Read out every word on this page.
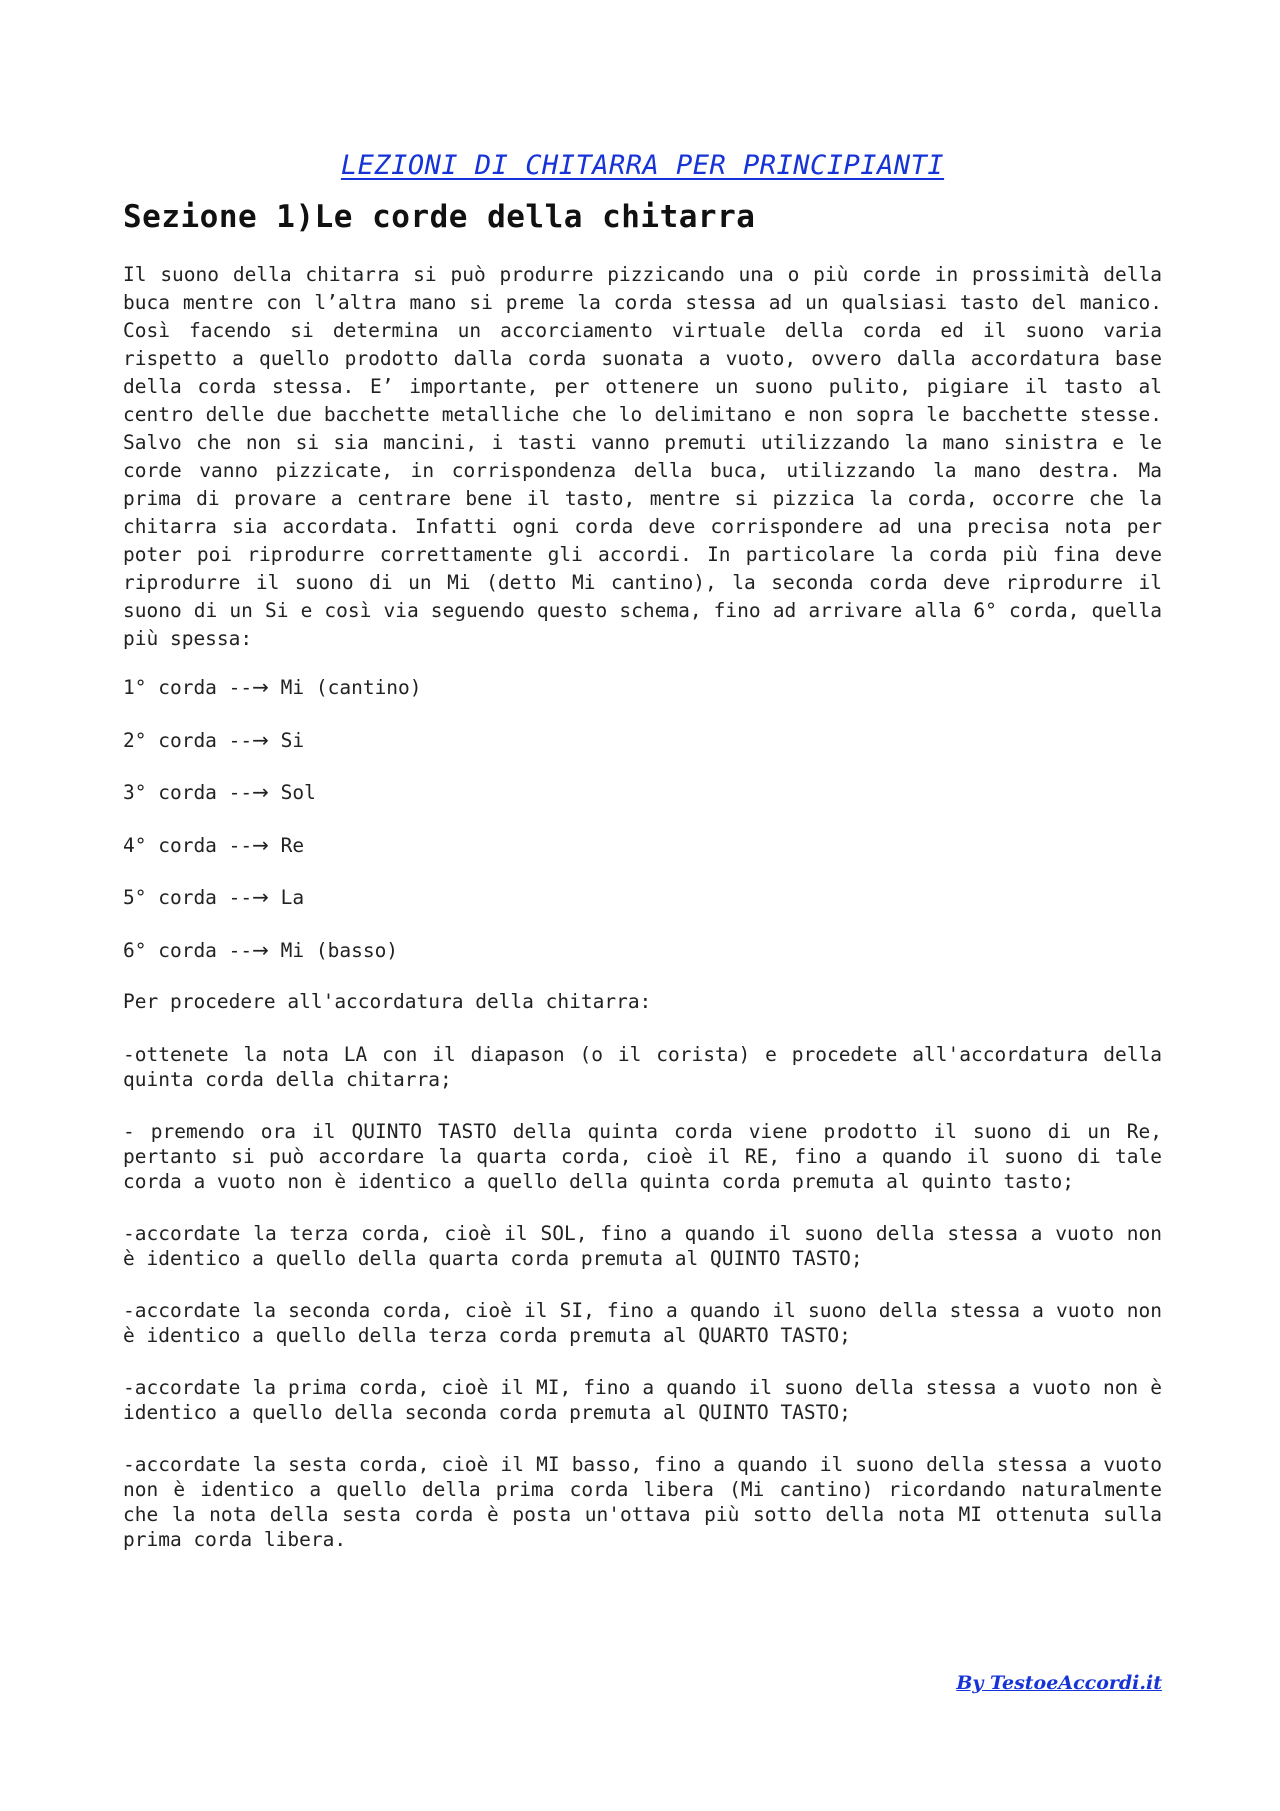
LEZIONI DI CHITARRA PER PRINCIPIANTI
Sezione 1)Le corde della chitarra

Il suono della chitarra si può produrre pizzicando una o più corde in prossimità della buca mentre con l’altra mano si preme la corda stessa ad un qualsiasi tasto del manico. Così facendo si determina un accorciamento virtuale della corda ed il suono varia rispetto a quello prodotto dalla corda suonata a vuoto, ovvero dalla accordatura base della corda stessa. E’ importante, per ottenere un suono pulito, pigiare il tasto al centro delle due bacchette metalliche che lo delimitano e non sopra le bacchette stesse. Salvo che non si sia mancini, i tasti vanno premuti utilizzando la mano sinistra e le corde vanno pizzicate, in corrispondenza della buca, utilizzando la mano destra. Ma prima di provare a centrare bene il tasto, mentre si pizzica la corda, occorre che la chitarra sia accordata. Infatti ogni corda deve corrispondere ad una precisa nota per poter poi riprodurre correttamente gli accordi. In particolare la corda più fina deve riprodurre il suono di un Mi (detto Mi cantino), la seconda corda deve riprodurre il suono di un Si e così via seguendo questo schema, fino ad arrivare alla 6° corda, quella più spessa:

1° corda --→ Mi (cantino)
2° corda --→ Si
3° corda --→ Sol
4° corda --→ Re
5° corda --→ La
6° corda --→ Mi (basso)

Per procedere all'accordatura della chitarra:

-ottenete la nota LA con il diapason (o il corista) e procedete all'accordatura della quinta corda della chitarra;

- premendo ora il QUINTO TASTO della quinta corda viene prodotto il suono di un Re, pertanto si può accordare la quarta corda, cioè il RE, fino a quando il suono di tale corda a vuoto non è identico a quello della quinta corda premuta al quinto tasto;

-accordate la terza corda, cioè il SOL, fino a quando il suono della stessa a vuoto non è identico a quello della quarta corda premuta al QUINTO TASTO;

-accordate la seconda corda, cioè il SI, fino a quando il suono della stessa a vuoto non è identico a quello della terza corda premuta al QUARTO TASTO;

-accordate la prima corda, cioè il MI, fino a quando il suono della stessa a vuoto non è identico a quello della seconda corda premuta al QUINTO TASTO;

-accordate la sesta corda, cioè il MI basso, fino a quando il suono della stessa a vuoto non è identico a quello della prima corda libera (Mi cantino) ricordando naturalmente che la nota della sesta corda è posta un'ottava più sotto della nota MI ottenuta sulla prima corda libera.

By TestoeAccordi.it
